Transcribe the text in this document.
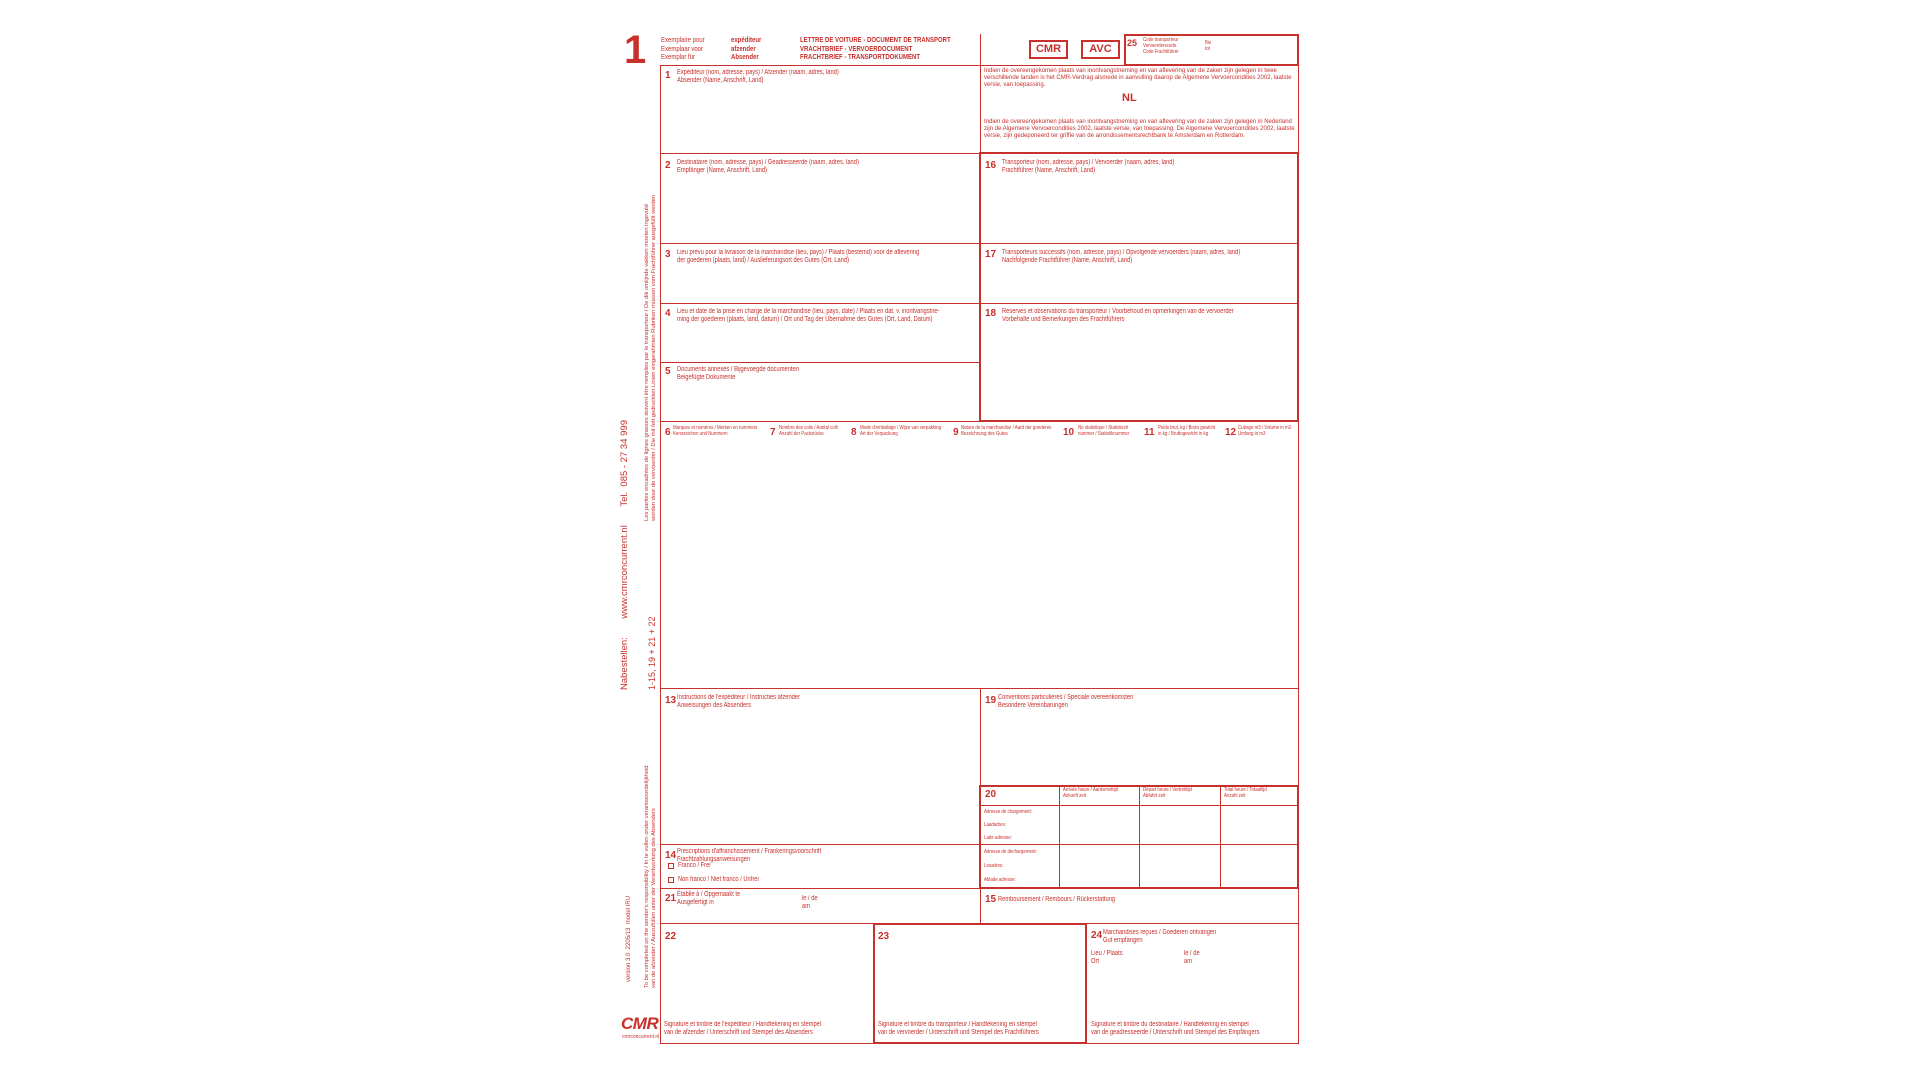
1 Exemplaire pour
Exemplaar voor
Exemplar für
expéditeur
afzender
Absender
LETTRE DE VOITURE - DOCUMENT DE TRANSPORT
VRACHTBRIEF - VERVOERDOCUMENT
FRACHTBRIEF - TRANSPORTDOKUMENT
CMR	AVC	25 Code transporteur
Vervoerderscode
Code Frachtführer
Bis
tot
Indien de overeengekomen plaats van inontvangstneming en van aflevering van de zaken zijn gelegen in twee verschillende landen is het CMR-Verdrag alsmede in aanvulling daarop de Algemene Vervoercondities 2002, laatste versie, van toepassing.
NL
Indien de overeengekomen plaats van inontvangstneming en van aflevering van de zaken zijn gelegen in Nederland zijn de Algemene Vervoercondities 2002, laatste versie, van toepassing. De Algemene Vervoercondities 2002, laatste versie, zijn gedeponeerd ter griffie van de arrondissementsrechtbank te Amsterdam en Rotterdam.
1 Expéditeur (nom, adresse, pays) / Afzender (naam, adres, land)
Absender (Name, Anschrift, Land)
2 Destinataire (nom, adresse, pays) / Geadresseerde (naam, adres, land)
Empfänger (Name, Anschrift, Land)
3 Lieu prévu pour la livraison de la marchandise (lieu, pays) / Plaats (bestemd) voor de aflevering
der goederen (plaats, land) / Auslieferungsort des Gutes (Ort, Land)
4 Lieu et date de la prise en charge de la marchandise (lieu, pays, date) / Plaats en dat. v. inontvangstne-
ming der goederen (plaats, land, datum) / Ort und Tag der Übernahme des Gutes (Ort, Land, Datum)
5 Documents annexés / Bijgevoegde documenten
Beigefügte Dokumente
16 Transporteur (nom, adresse, pays) / Vervoerder (naam, adres, land)
Frachtführer (Name, Anschrift, Land)
17 Transporteurs successifs (nom, adresse, pays) / Opvolgende vervoerders (naam, adres, land)
Nachfolgende Frachtführer (Name, Anschrift, Land)
18 Réserves et observations du transporteur / Voorbehoud en opmerkingen van de vervoerder
Vorbehalte und Bemerkungen des Frachtführers
6 Marques et numéros / Merken en nummers
Kennzeichen und Nummern	7 Nombre des colis / Aantal colli
Anzahl der Packstücke	8 Mode d'emballage / Wijze van verpakking
Art der Verpackung	9 Nature de la marchandise / Aard der goederen
Bezeichnung des Gutes	10 No statistique / Statistisch
nummer / Statistiknummer 11 Poids brut, kg / Bruto gewicht
in kg / Bruttogewicht in kg	12 Cubage m3 / Volume in m3
Umfang in m3
13 Instructions de l'expéditeur / Instructies afzender
Anweisungen des Absenders	19 Conventions particulières / Speciale overeenkomsten
Besondere Vereinbarungen
20	Arrivée heure / Aankomsttijd
Ankunft zeit
Départ heure / Vertrektijd
Abfahrt zeit
Total heure / Totaaltijd
Anzahl zeit
Adresse de chargement:
Laadadres:
Lade adresse:
Adresse de déchargement:
Losadres:
Ablade adresse:
14 Prescriptions d'affranchissement / Frankeringsvoorschrift
Frachtzahlungsanweisungen
Franco / Frei
Non franco / Niet franco / Unfrei
21 Établie à / Opgemaakt te
Ausgefertigt in
le / de
am
15 Remboursement / Rembours / Rückerstattung
22
Signature et timbre de l'expéditeur / Handtekening en stempel
van de afzender / Unterschrift und Stempel des Absenders
23
Signature et timbre du transporteur / Handtekening en stempel
van de vervoerder / Unterschrift und Stempel des Frachtführers
24 Marchandises reçues / Goederen ontvangen
Gut empfangen
Lieu / Plaats
Ort
le / de
am
Signature et timbre du destinataire / Handtekening en stempel
van de geadresseerde / Unterschrift und Stempel des Empfängers
Nabestellen:
www.cmrconcurrent.nl
Tel.  085 - 27 34 999
1-15, 19 + 21 + 22
Les parties encadrées de lignes grasses doivent être remplies par le transporteur / De dik omlijnde vakken moeten ingevuld
worden door de vervoerder / Die mit fett gedruckten Linien eingerahmten Rubriken müssen vom Frachtführer ausgefüllt werden
To be completed on the sender's responsibility / In te vullen onder verantwoordelijkheid
van de afzender / Auszufüllen unter der Verantwortung des Absenders
version 3.0  2205/13  model IRU
CMR
cmrconcurrent.nl
